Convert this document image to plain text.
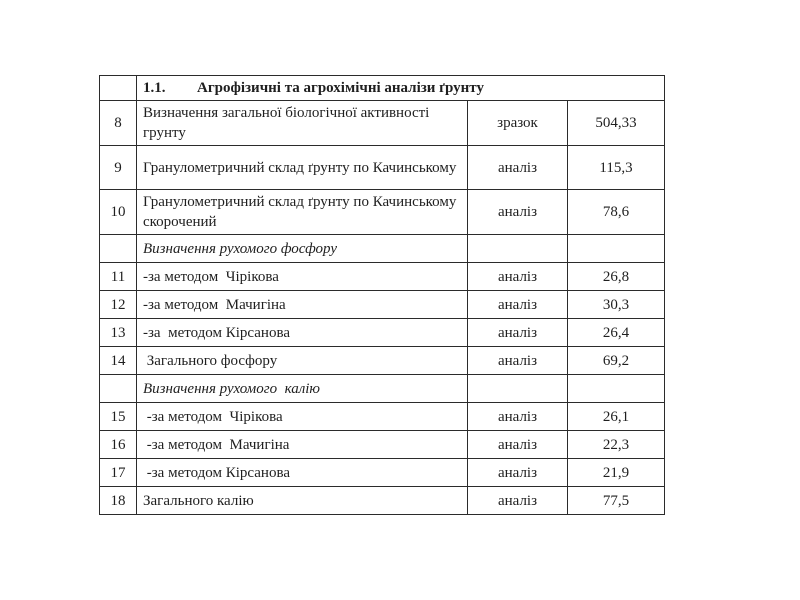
	1.1. Агрофізичні та агрохімічні аналізи ґрунту		
8	Визначення загальної біологічної активності грунту	зразок	504,33
9	Гранулометричний склад ґрунту по Качинському	аналіз	115,3
10	Гранулометричний склад ґрунту по Качинському скорочений	аналіз	78,6
	Визначення рухомого фосфору		
11	-за методом  Чірікова	аналіз	26,8
12	-за методом  Мачигіна	аналіз	30,3
13	-за  методом Кірсанова	аналіз	26,4
14	Загального фосфору	аналіз	69,2
	Визначення рухомого  калію		
15	-за методом  Чірікова	аналіз	26,1
16	-за методом  Мачигіна	аналіз	22,3
17	-за методом Кірсанова	аналіз	21,9
18	Загального калію	аналіз	77,5
